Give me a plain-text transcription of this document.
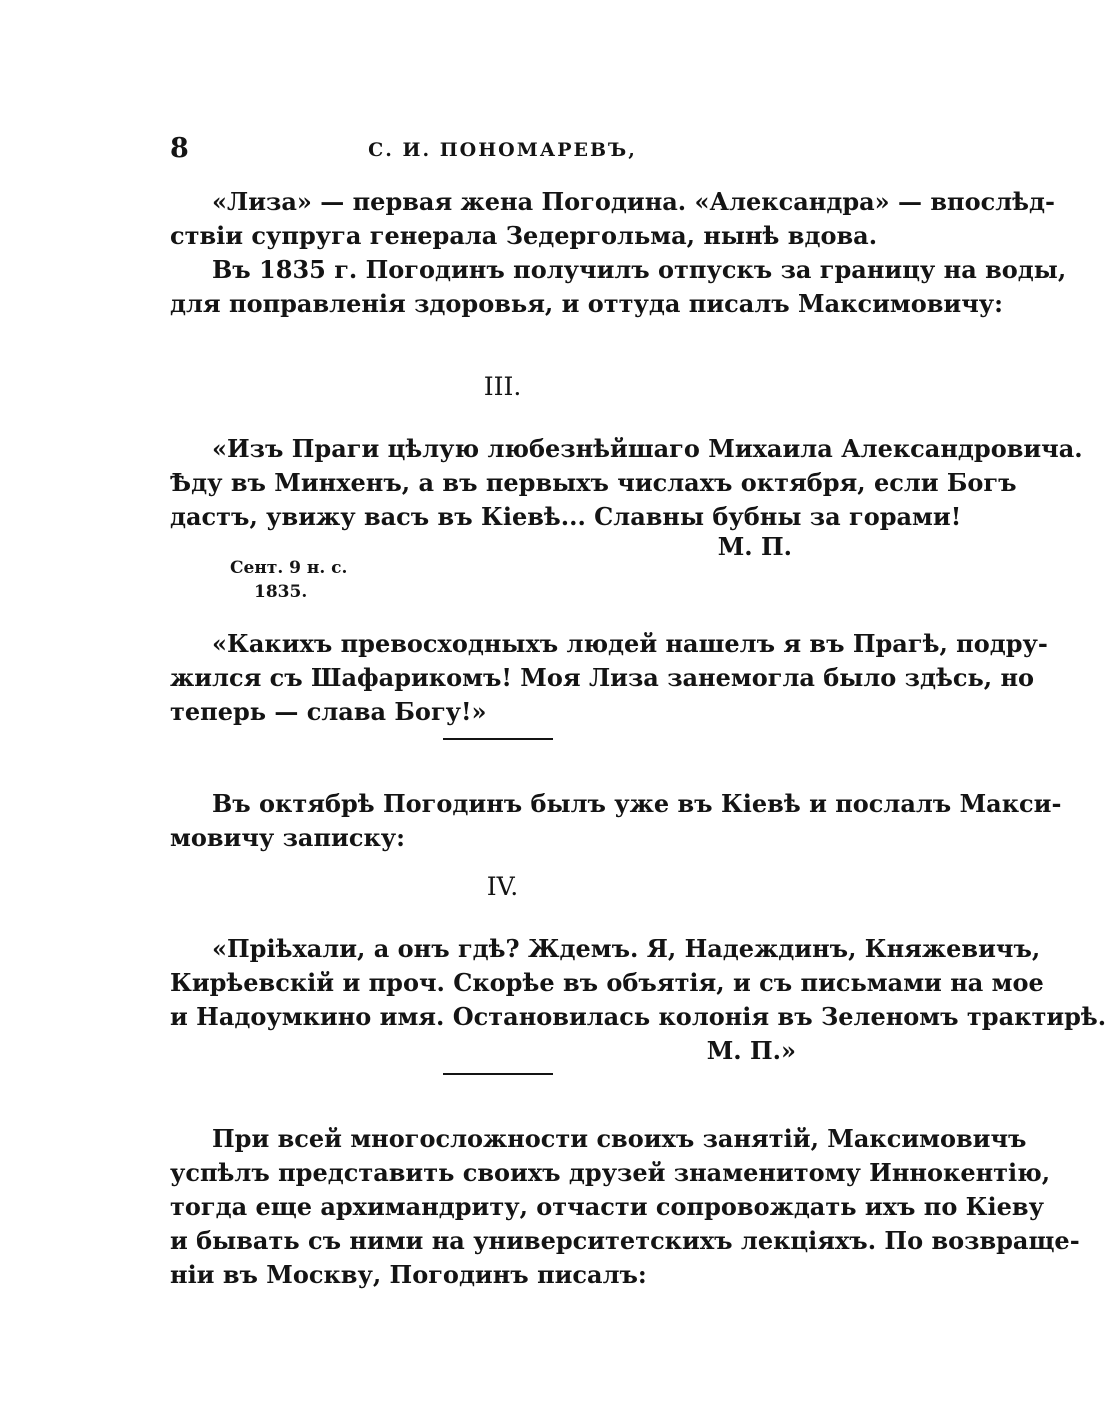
8	С. И. ПОНОМАРЕВЪ,
«Лиза» — первая жена Погодина. «Александра» — впослѣд-
ствіи супруга генерала Зедергольма, нынѣ вдова.
Въ 1835 г. Погодинъ получилъ отпускъ за границу на воды,
для поправленія здоровья, и оттуда писалъ Максимовичу:
III.
«Изъ Праги цѣлую любезнѣйшаго Михаила Александровича.
Ѣду въ Минхенъ, а въ первыхъ числахъ октября, если Богъ
дастъ, увижу васъ въ Кіевѣ... Славны бубны за горами!
М. П.
Сент. 9 н. с.
1835.
«Какихъ превосходныхъ людей нашелъ я въ Прагѣ, подру-
жился съ Шафарикомъ! Моя Лиза занемогла было здѣсь, но
теперь — слава Богу!»
Въ октябрѣ Погодинъ былъ уже въ Кіевѣ и послалъ Макси-
мовичу записку:
IV.
«Пріѣхали, а онъ гдѣ? Ждемъ. Я, Надеждинъ, Княжевичъ,
Кирѣевскій и проч. Скорѣе въ объятія, и съ письмами на мое
и Надоумкино имя. Остановилась колонія въ Зеленомъ трактирѣ.
М. П.»
При всей многосложности своихъ занятій, Максимовичъ
успѣлъ представить своихъ друзей знаменитому Иннокентію,
тогда еще архимандриту, отчасти сопровождать ихъ по Кіеву
и бывать съ ними на университетскихъ лекціяхъ. По возвраще-
ніи въ Москву, Погодинъ писалъ:
